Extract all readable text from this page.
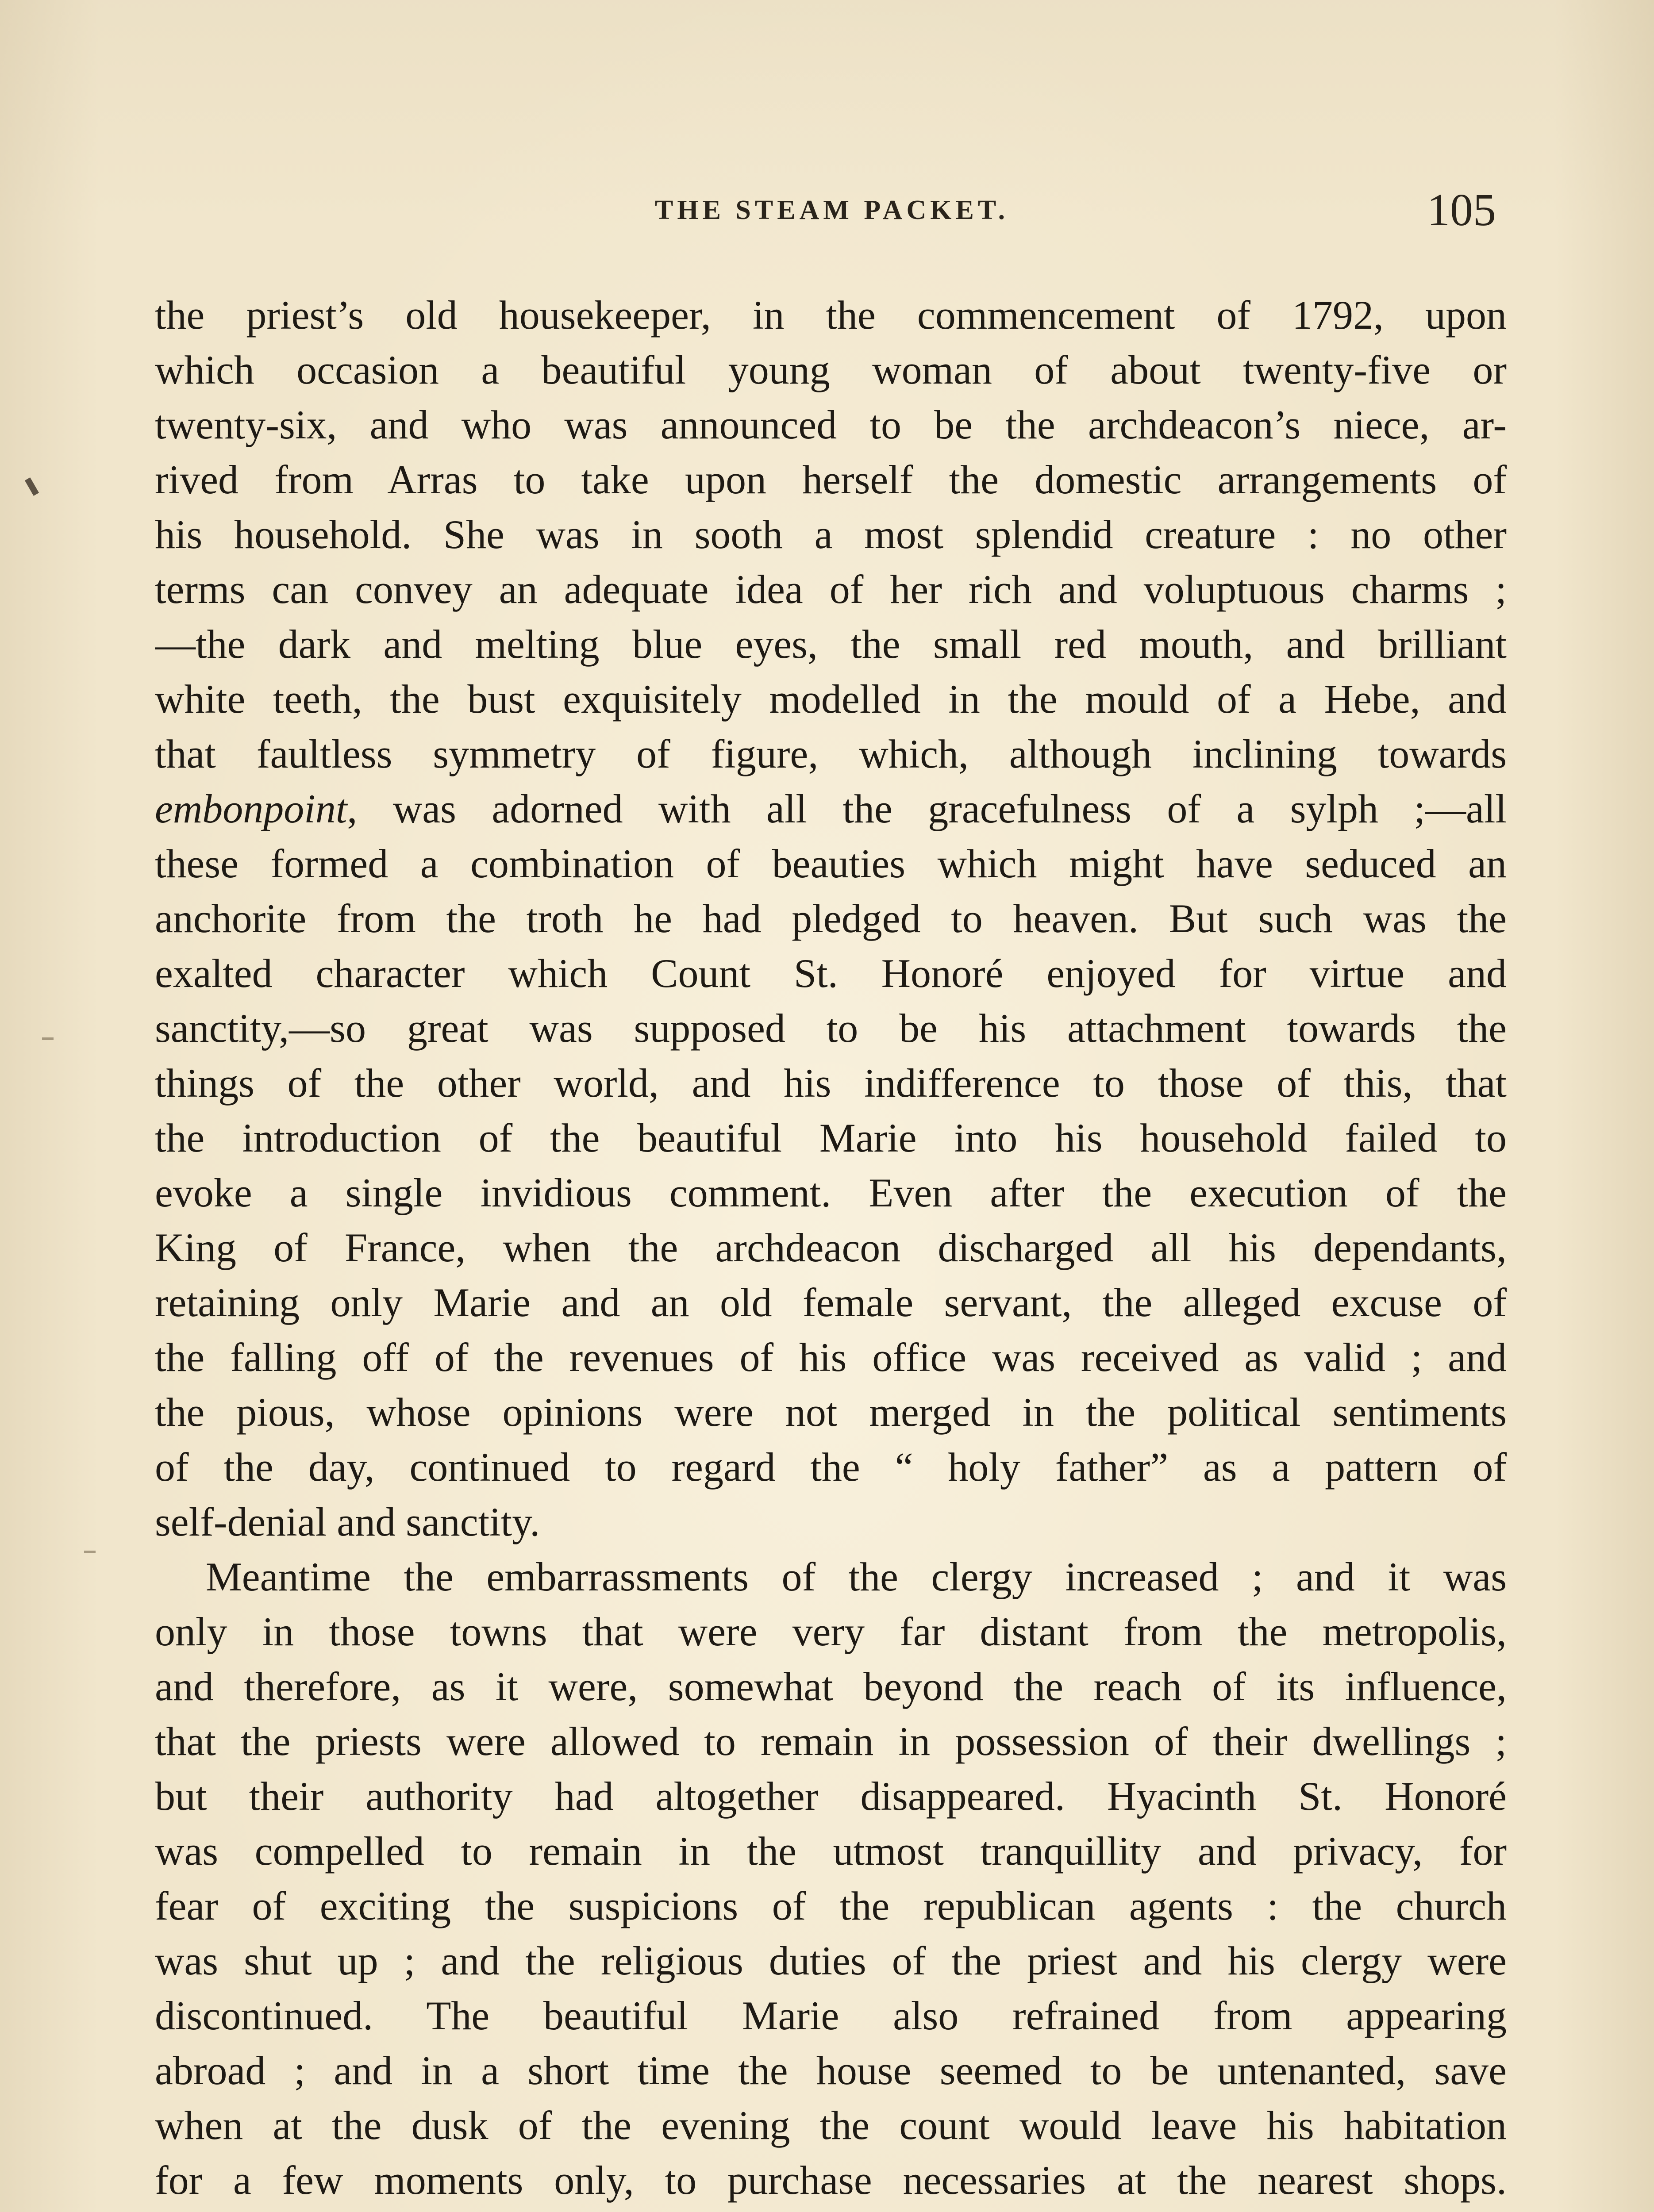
THE STEAM PACKET.	105
the priest’s old housekeeper, in the commencement of 1792, upon
which occasion a beautiful young woman of about twenty-five or
twenty-six, and who was announced to be the archdeacon’s niece, ar-
rived from Arras to take upon herself the domestic arrangements of
his household. She was in sooth a most splendid creature : no other
terms can convey an adequate idea of her rich and voluptuous charms ;
—the dark and melting blue eyes, the small red mouth, and brilliant
white teeth, the bust exquisitely modelled in the mould of a Hebe, and
that faultless symmetry of figure, which, although inclining towards
embonpoint, was adorned with all the gracefulness of a sylph ;—all
these formed a combination of beauties which might have seduced an
anchorite from the troth he had pledged to heaven. But such was the
exalted character which Count St. Honoré enjoyed for virtue and
sanctity,—so great was supposed to be his attachment towards the
things of the other world, and his indifference to those of this, that
the introduction of the beautiful Marie into his household failed to
evoke a single invidious comment. Even after the execution of the
King of France, when the archdeacon discharged all his dependants,
retaining only Marie and an old female servant, the alleged excuse of
the falling off of the revenues of his office was received as valid ; and
the pious, whose opinions were not merged in the political sentiments
of the day, continued to regard the “ holy father” as a pattern of
self-denial and sanctity.
Meantime the embarrassments of the clergy increased ; and it was
only in those towns that were very far distant from the metropolis,
and therefore, as it were, somewhat beyond the reach of its influence,
that the priests were allowed to remain in possession of their dwellings ;
but their authority had altogether disappeared. Hyacinth St. Honoré
was compelled to remain in the utmost tranquillity and privacy, for
fear of exciting the suspicions of the republican agents : the church
was shut up ; and the religious duties of the priest and his clergy were
discontinued. The beautiful Marie also refrained from appearing
abroad ; and in a short time the house seemed to be untenanted, save
when at the dusk of the evening the count would leave his habitation
for a few moments only, to purchase necessaries at the nearest shops.
